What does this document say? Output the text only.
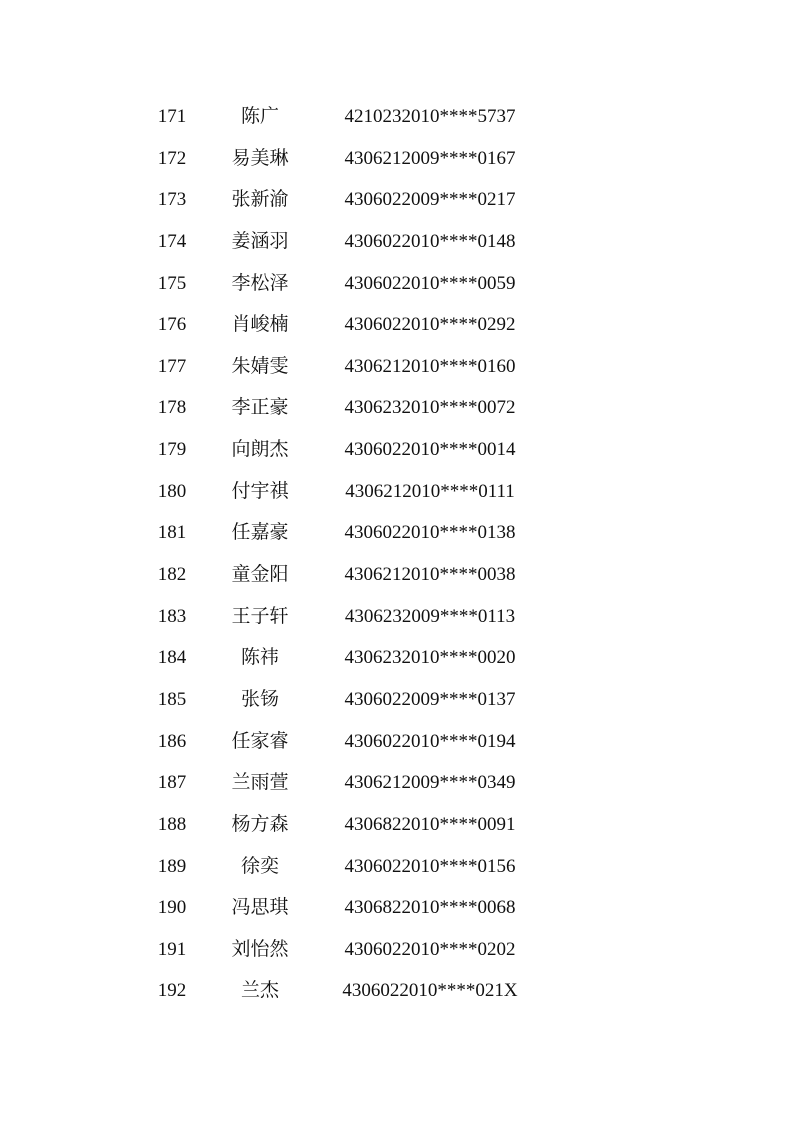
171	陈广	4210232010****5737
172	易美琳	4306212009****0167
173	张新渝	4306022009****0217
174	姜涵羽	4306022010****0148
175	李松泽	4306022010****0059
176	肖峻楠	4306022010****0292
177	朱婧雯	4306212010****0160
178	李正豪	4306232010****0072
179	向朗杰	4306022010****0014
180	付宇祺	4306212010****0111
181	任嘉豪	4306022010****0138
182	童金阳	4306212010****0038
183	王子轩	4306232009****0113
184	陈祎	4306232010****0020
185	张钖	4306022009****0137
186	任家睿	4306022010****0194
187	兰雨萱	4306212009****0349
188	杨方森	4306822010****0091
189	徐奕	4306022010****0156
190	冯思琪	4306822010****0068
191	刘怡然	4306022010****0202
192	兰杰	4306022010****021X
